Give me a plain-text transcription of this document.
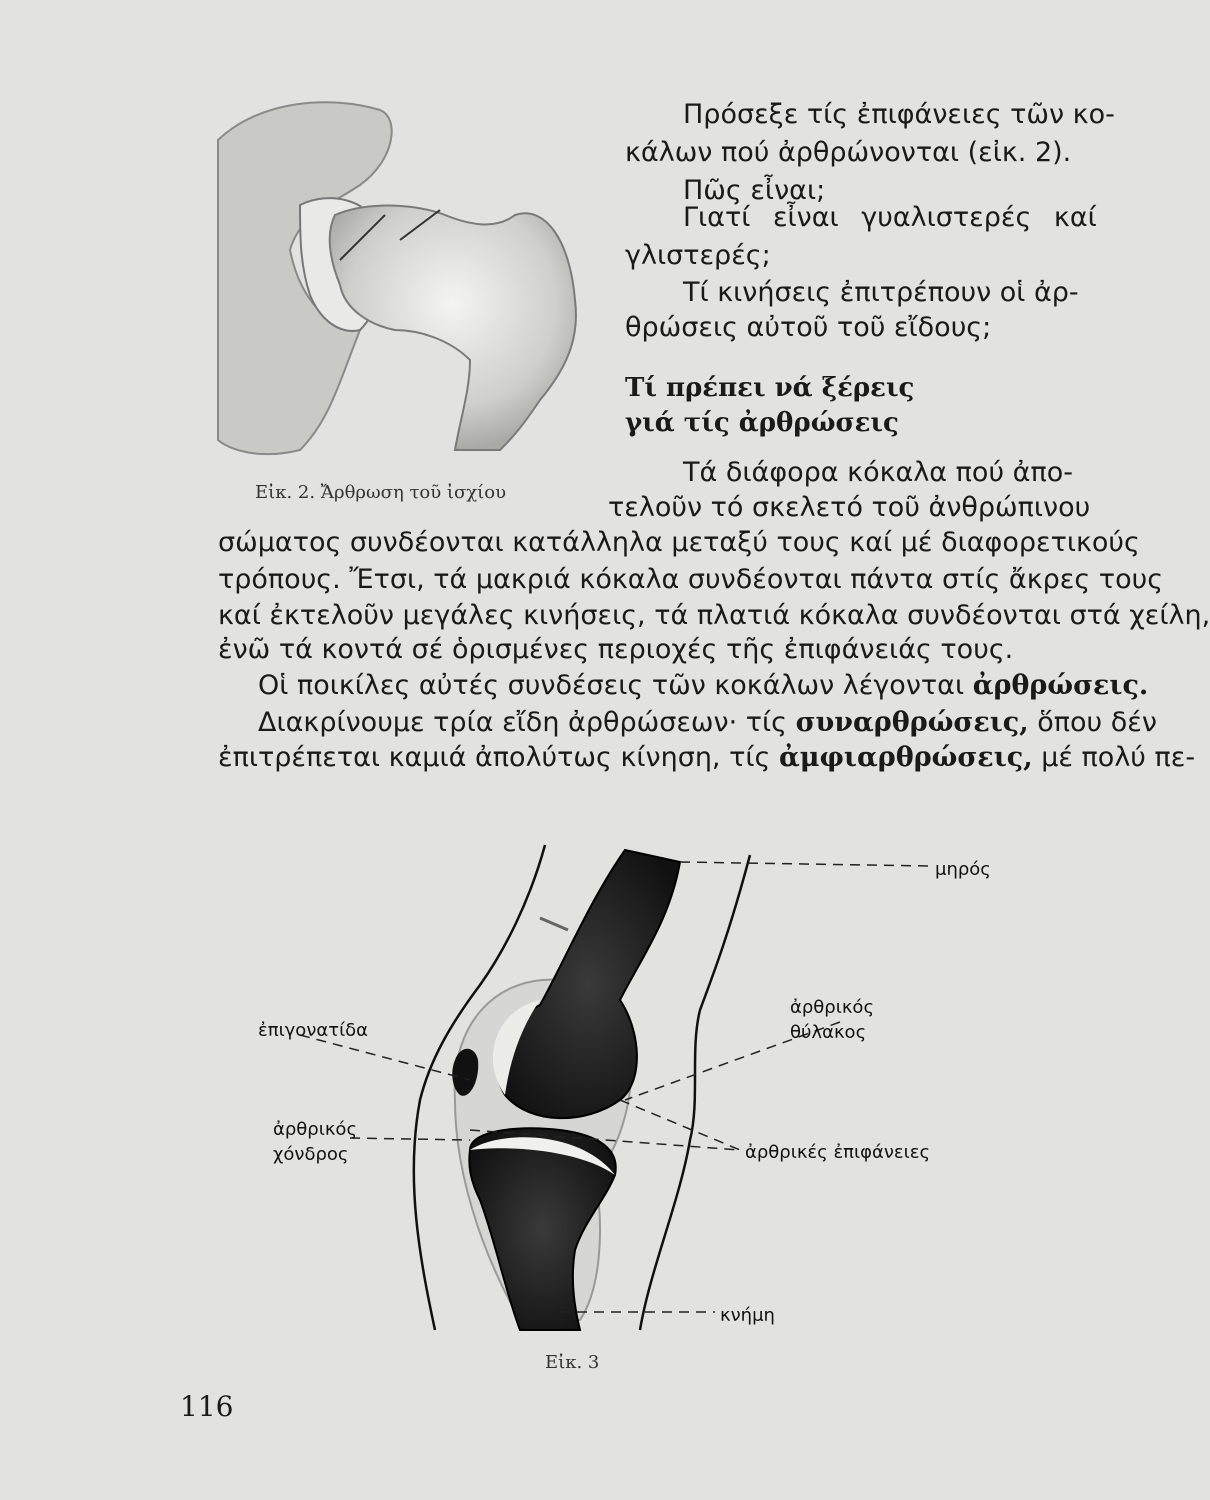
Πρόσεξε τίς ἐπιφάνειες τῶν κο-
κάλων πού ἀρθρώνονται (εἰκ. 2).
Πῶς εἶναι;
Γιατί εἶναι γυαλιστερές καί
γλιστερές;
Τί κινήσεις ἐπιτρέπουν οἱ ἀρ-
θρώσεις αὐτοῦ τοῦ εἴδους;
Τί πρέπει νά ξέρεις
γιά τίς ἀρθρώσεις
Εἰκ. 2. Ἄρθρωση τοῦ ἰσχίου
Τά διάφορα κόκαλα πού ἀπο-
τελοῦν τό σκελετό τοῦ ἀνθρώπινου
σώματος συνδέονται κατάλληλα μεταξύ τους καί μέ διαφορετικούς
τρόπους. Ἔτσι, τά μακριά κόκαλα συνδέονται πάντα στίς ἄκρες τους
καί ἐκτελοῦν μεγάλες κινήσεις, τά πλατιά κόκαλα συνδέονται στά χείλη,
ἐνῶ τά κοντά σέ ὁρισμένες περιοχές τῆς ἐπιφάνειάς τους.
Οἱ ποικίλες αὐτές συνδέσεις τῶν κοκάλων λέγονται ἀρθρώσεις.
Διακρίνουμε τρία εἴδη ἀρθρώσεων· τίς συναρθρώσεις, ὅπου δέν
ἐπιτρέπεται καμιά ἀπολύτως κίνηση, τίς ἀμφιαρθρώσεις, μέ πολύ πε-
μηρός
ἀρθρικός
θύλακος
ἐπιγονατίδα
ἀρθρικός
χόνδρος	ἀρθρικές ἐπιφάνειες
κνήμη
Εἰκ. 3
116
